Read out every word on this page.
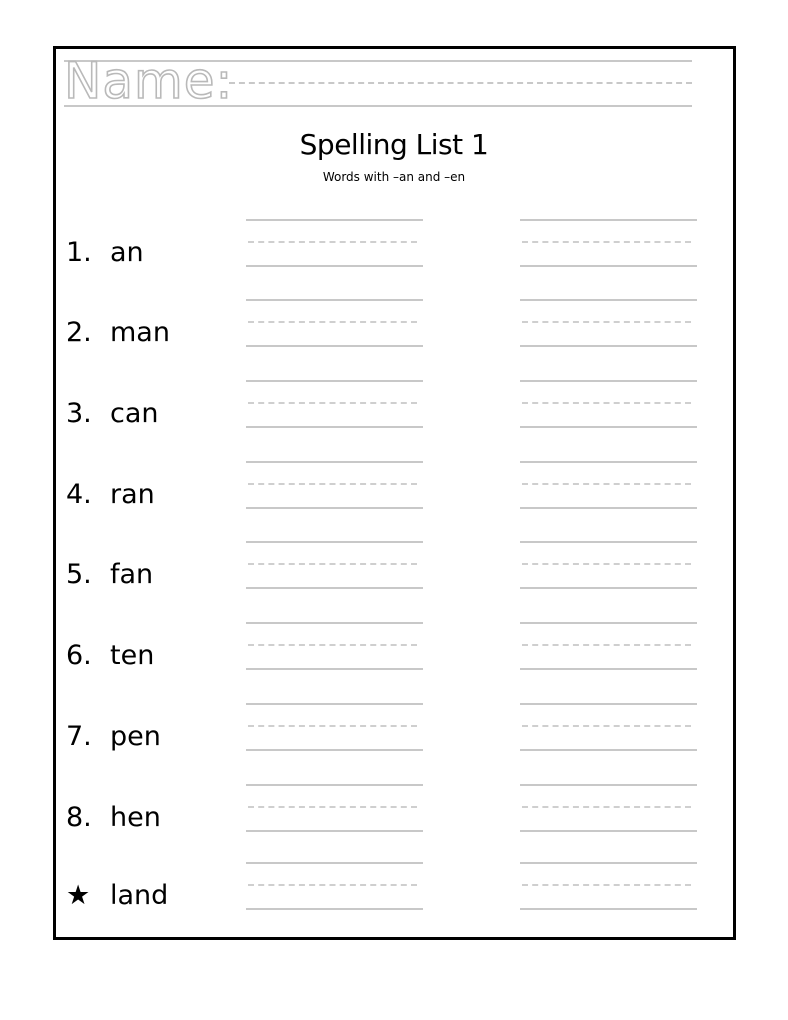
Name:
Spelling List 1
Words with –an and –en
1. an
2. man
3. can
4. ran
5. fan
6. ten
7. pen
8. hen
★ land
